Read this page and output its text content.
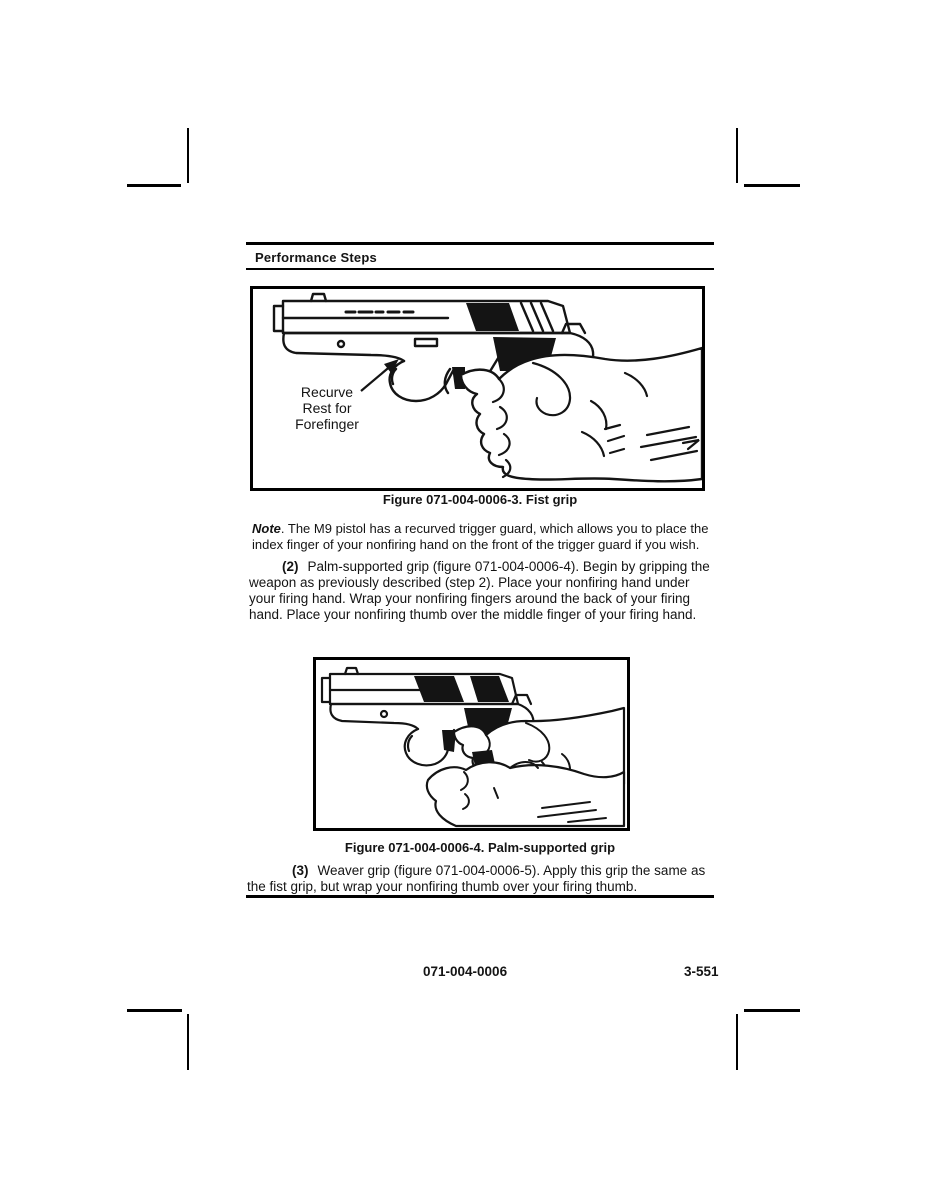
Performance Steps
Recurve
Rest for
Forefinger
Figure 071-004-0006-3. Fist grip
Note. The M9 pistol has a recurved trigger guard, which allows you to place the index finger of your nonfiring hand on the front of the trigger guard if you wish.
(2) Palm-supported grip (figure 071-004-0006-4). Begin by gripping the weapon as previously described (step 2). Place your nonfiring hand under your firing hand. Wrap your nonfiring fingers around the back of your firing hand. Place your nonfiring thumb over the middle finger of your firing hand.
Figure 071-004-0006-4. Palm-supported grip
(3) Weaver grip (figure 071-004-0006-5). Apply this grip the same as the fist grip, but wrap your nonfiring thumb over your firing thumb.
071-004-0006	3-551
